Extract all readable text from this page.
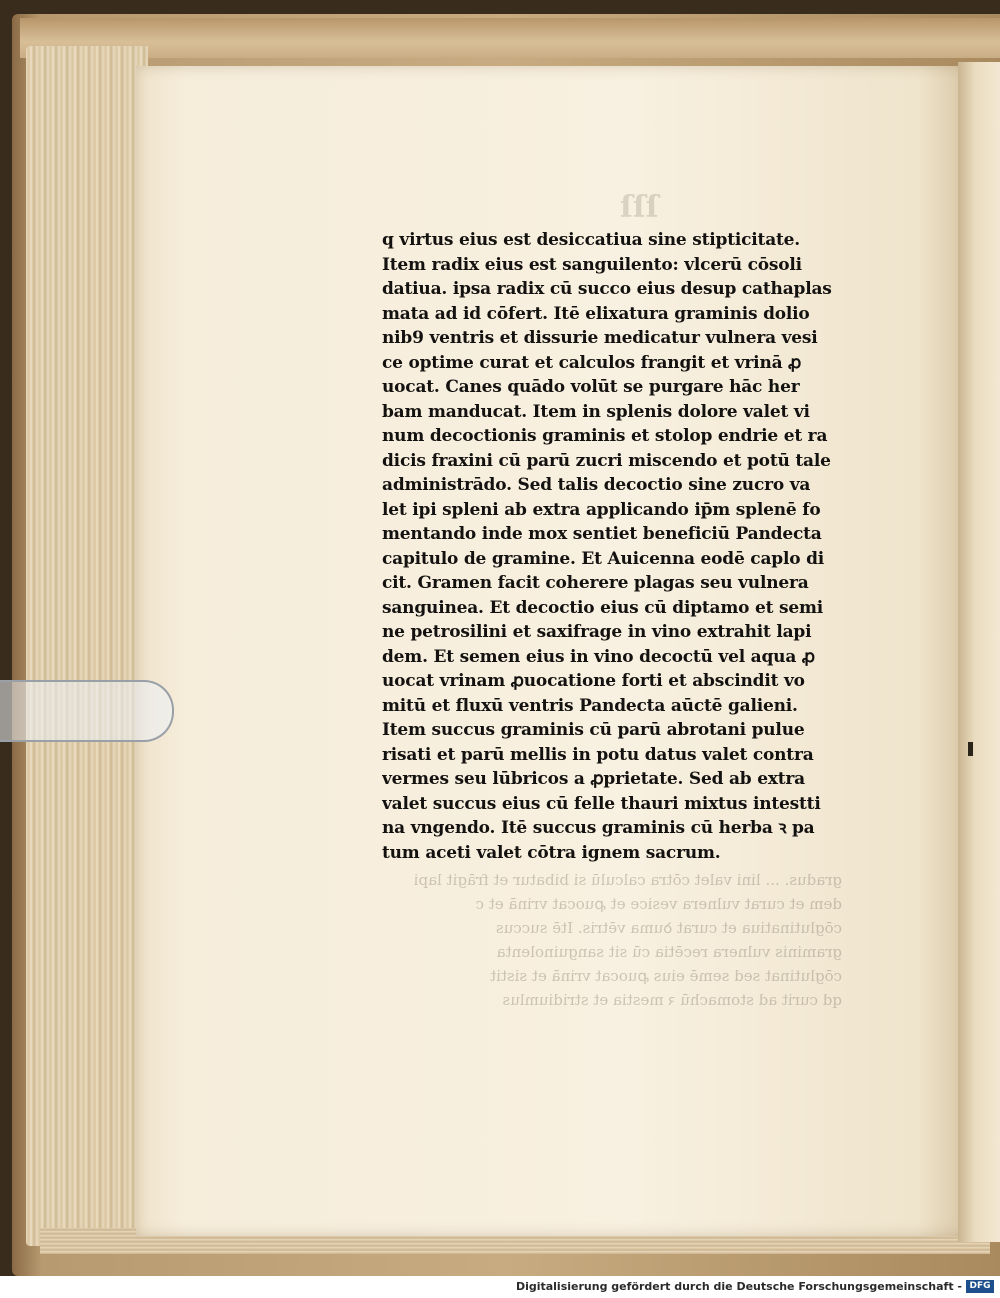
ſſſ
q virtus eius est desiccatiua sine stipticitate.
Item radix eius est sanguilento: vlcerū cōsoli
datiua. ipsa radix cū succo eius desup cathaplas
mata ad id cōfert. Itē elixatura graminis dolio
nib9 ventris et dissurie medicatur vulnera vesi
ce optime curat et calculos frangit et vrinā ꝓ
uocat. Canes quādo volūt se purgare hāc her
bam manducat. Item in splenis dolore valet vi
num decoctionis graminis et stolop endrie et ra
dicis fraxini cū parū zucri miscendo et potū tale
administrādo. Sed talis decoctio sine zucro va
let ipi spleni ab extra applicando ip̄m splenē fo
mentando inde mox sentiet beneficiū Pandecta
capitulo de gramine. Et Auicenna eodē caplo di
cit. Gramen facit coherere plagas seu vulnera
sanguinea. Et decoctio eius cū diptamo et semi
ne petrosilini et saxifrage in vino extrahit lapi
dem. Et semen eius in vino decoctū vel aqua ꝓ
uocat vrinam ꝓuocatione forti et abscindit vo
mitū et fluxū ventris Pandecta aūctē galieni.
Item succus graminis cū parū abrotani pulue
risati et parū mellis in potu datus valet contra
vermes seu lūbricos a ꝓprietate. Sed ab extra
valet succus eius cū felle thauri mixtus intestti
na vngendo. Itē succus graminis cū herba ꝛ pa
tum aceti valet cōtra ignem sacrum.
gradus. ... lini valet cōtra calculū si bibatur et frāgit lapi
dem et curat vulnera vesice et ꝓuocat vrinā et c
cōglutinatiua et curat ꝺuma vētris. Itē succus
graminis vulnera recētia cū sit sanguinolenta
cōglutinat sed semē eius ꝓuocat vrinā et sistit
qd curit ad stomachū ꝛ mestia et stridiumlus
Digitalisierung gefördert durch die Deutsche Forschungsgemeinschaft - DFG
